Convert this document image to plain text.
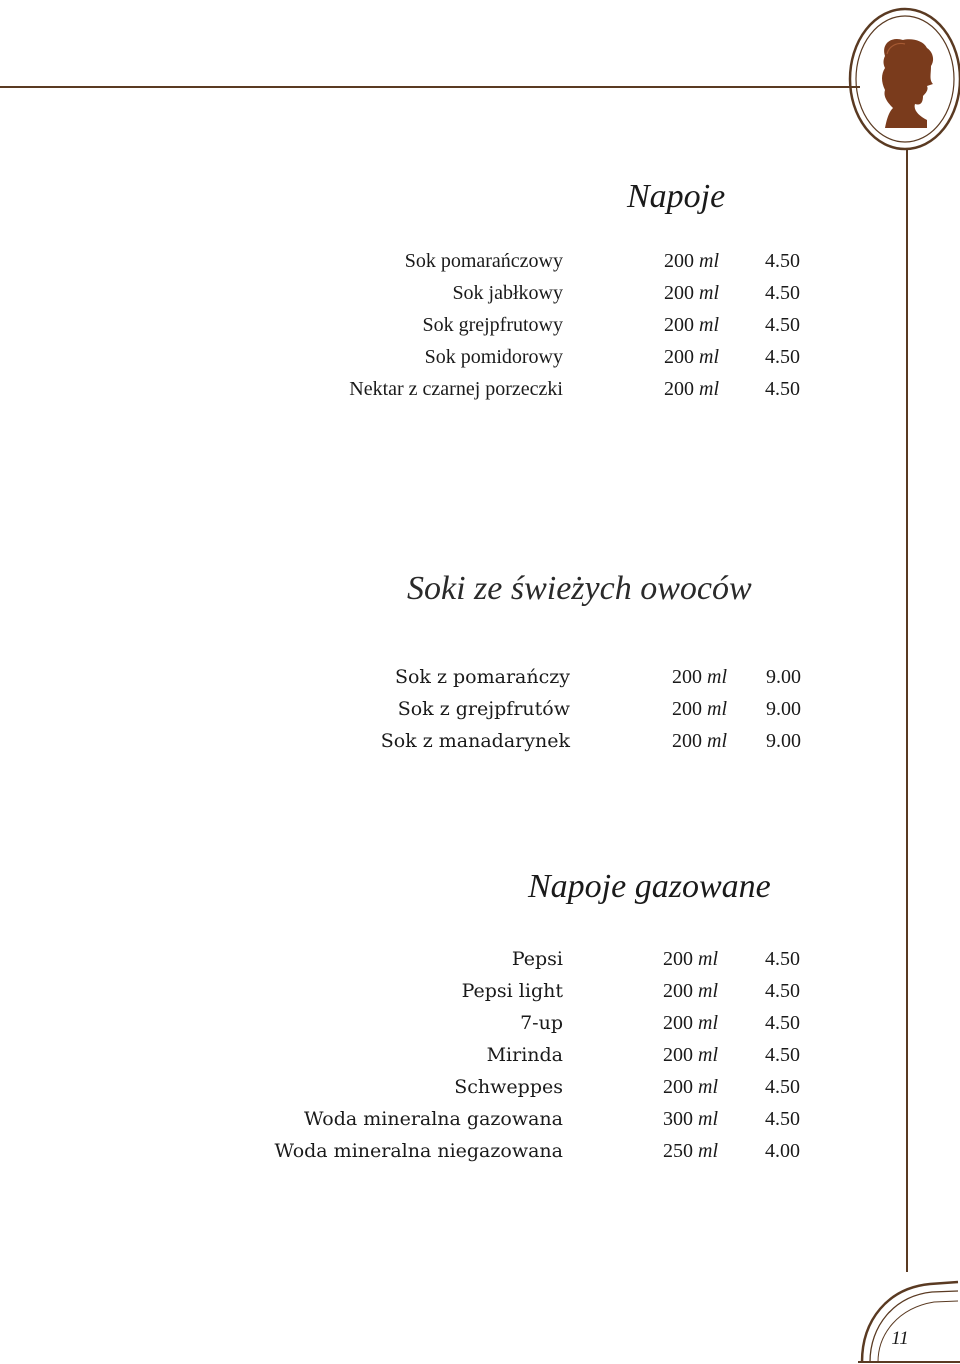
11
Napoje
Sok pomarańczowy	200 ml 4.50
Sok jabłkowy	200 ml 4.50
Sok grejpfrutowy	200 ml 4.50
Sok pomidorowy	200 ml 4.50
Nektar z czarnej porzeczki	200 ml 4.50
Soki ze świeżych owoców
Sok z pomarańczy	200 ml 9.00
Sok z grejpfrutów	200 ml 9.00
Sok z manadarynek	200 ml 9.00
Napoje gazowane
Pepsi	200 ml 4.50
Pepsi light	200 ml 4.50
7-up	200 ml 4.50
Mirinda	200 ml 4.50
Schweppes	200 ml 4.50
Woda mineralna gazowana	300 ml 4.50
Woda mineralna niegazowana	250 ml 4.00
